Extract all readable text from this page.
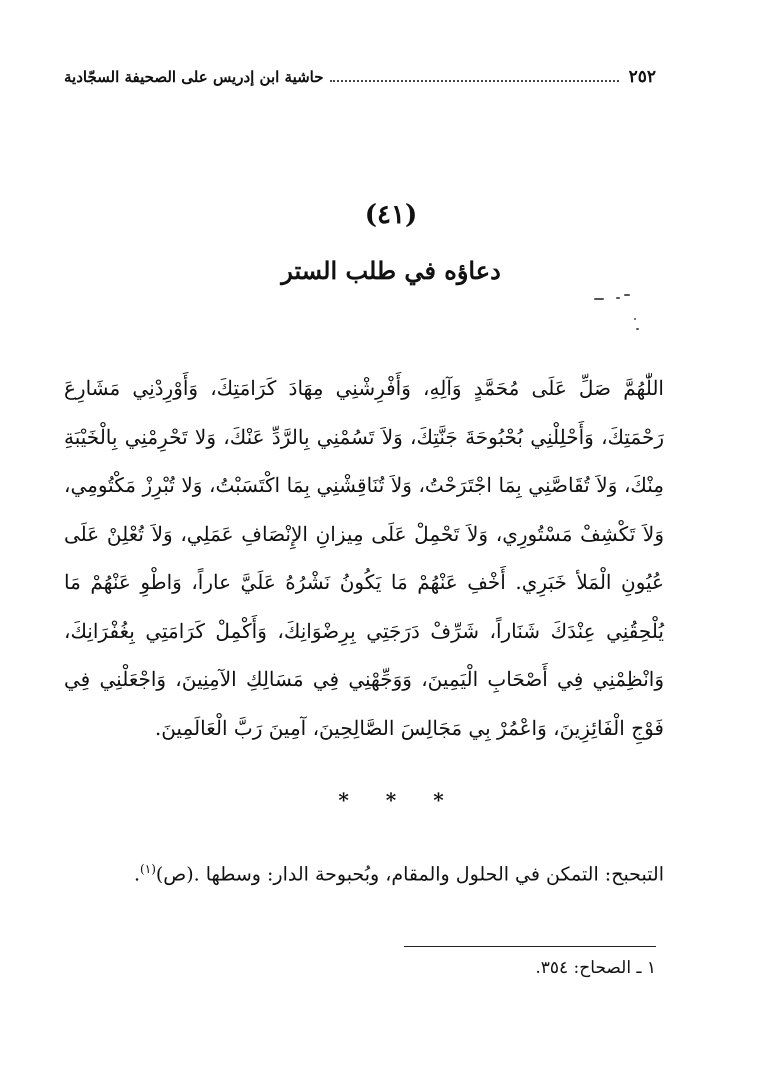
٢٥٢
حاشية ابن إدريس على الصحيفة السجّادية
(٤١)
دعاؤه في طلب الستر
اللّٰهُمَّ صَلِّ عَلَى مُحَمَّدٍ وَآلِهِ، وَأَفْرِشْنِي مِهَادَ كَرَامَتِكَ، وَأَوْرِدْنِي مَشَارِعَ رَحْمَتِكَ، وَأَحْلِلْنِي بُحْبُوحَةَ جَنَّتِكَ، وَلاَ تَسُمْنِي بِالرَّدِّ عَنْكَ، وَلا تَحْرِمْنِي بِالْخَيْبَةِ مِنْكَ، وَلاَ تُقَاصَّنِي بِمَا اجْتَرَحْتُ، وَلاَ تُنَاقِشْنِي بِمَا اكْتَسَبْتُ، وَلا تُبْرِزْ مَكْتُومِي، وَلاَ تَكْشِفْ مَسْتُورِي، وَلاَ تَحْمِلْ عَلَى مِيزانِ الإِنْصَافِ عَمَلِي، وَلاَ تُعْلِنْ عَلَى عُيُونِ الْمَلأ خَبَرِي. أَخْفِ عَنْهُمْ مَا يَكُونُ نَشْرُهُ عَلَيَّ عاراً، وَاطْوِ عَنْهُمْ مَا يُلْحِقُنِي عِنْدَكَ شَنَاراً، شَرِّفْ دَرَجَتِي بِرِضْوَانِكَ، وَأَكْمِلْ كَرَامَتِي بِغُفْرَانِكَ، وَانْظِمْنِي فِي أَصْحَابِ الْيَمِينَ، وَوَجِّهْنِي فِي مَسَالِكِ الآمِنِينَ، وَاجْعَلْنِي فِي فَوْجِ الْفَائِزِينَ، وَاعْمُرْ بِي مَجَالِسَ الصَّالِحِينَ، آمِينَ رَبَّ الْعَالَمِينَ.
* * *
التبحبح: التمكن في الحلول والمقام، وبُحبوحة الدار: وسطها .(ص)$^{(١)}$.
١ ـ الصحاح: ٣٥٤.
